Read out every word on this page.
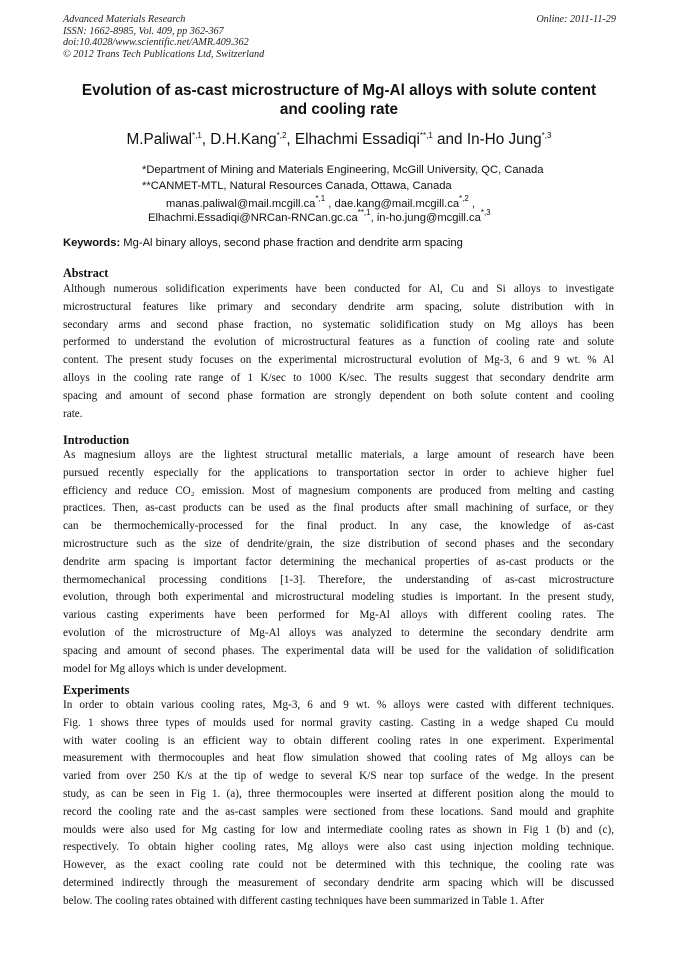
Advanced Materials Research
ISSN: 1662-8985, Vol. 409, pp 362-367
doi:10.4028/www.scientific.net/AMR.409.362
© 2012 Trans Tech Publications Ltd, Switzerland
Online: 2011-11-29
Evolution of as-cast microstructure of Mg-Al alloys with solute content
and cooling rate
M.Paliwal$^{*,1}$, D.H.Kang$^{*,2}$, Elhachmi Essadiqi$^{**,1}$ and In-Ho Jung$^{*,3}$
*Department of Mining and Materials Engineering, McGill University, QC, Canada
**CANMET-MTL, Natural Resources Canada, Ottawa, Canada
$manas.paliwal@mail.mcgill.ca^{*,1}$ , $dae.kang@mail.mcgill.ca^{*,2}$ ,
$Elhachmi.Essadiqi@NRCan-RNCan.gc.ca^{**,1}$, $in-ho.jung@mcgill.ca^{*,3}$
Keywords: Mg-Al binary alloys, second phase fraction and dendrite arm spacing
Abstract
Although numerous solidification experiments have been conducted for Al, Cu and Si alloys to investigate
microstructural features like primary and secondary dendrite arm spacing, solute distribution with in
secondary arms and second phase fraction, no systematic solidification study on Mg alloys has been
performed to understand the evolution of microstructural features as a function of cooling rate and solute
content. The present study focuses on the experimental microstructural evolution of Mg-3, 6 and 9 wt. % Al
alloys in the cooling rate range of 1 K/sec to 1000 K/sec. The results suggest that secondary dendrite arm
spacing and amount of second phase formation are strongly dependent on both solute content and cooling
rate.
Introduction
As magnesium alloys are the lightest structural metallic materials, a large amount of research have been
pursued recently especially for the applications to transportation sector in order to achieve higher fuel
efficiency and reduce CO₂ emission. Most of magnesium components are produced from melting and casting
practices. Then, as-cast products can be used as the final products after small machining of surface, or they
can be thermochemically-processed for the final product. In any case, the knowledge of as-cast
microstructure such as the size of dendrite/grain, the size distribution of second phases and the secondary
dendrite arm spacing is important factor determining the mechanical properties of as-cast products or the
thermomechanical processing conditions [1-3]. Therefore, the understanding of as-cast microstructure
evolution, through both experimental and microstructural modeling studies is important. In the present study,
various casting experiments have been performed for Mg-Al alloys with different cooling rates. The
evolution of the microstructure of Mg-Al alloys was analyzed to determine the secondary dendrite arm
spacing and amount of second phases. The experimental data will be used for the validation of solidification
model for Mg alloys which is under development.
Experiments
In order to obtain various cooling rates, Mg-3, 6 and 9 wt. % alloys were casted with different techniques.
Fig. 1 shows three types of moulds used for normal gravity casting. Casting in a wedge shaped Cu mould
with water cooling is an efficient way to obtain different cooling rates in one experiment. Experimental
measurement with thermocouples and heat flow simulation showed that cooling rates of Mg alloys can be
varied from over 250 K/s at the tip of wedge to several K/S near top surface of the wedge. In the present
study, as can be seen in Fig 1. (a), three thermocouples were inserted at different position along the mould to
record the cooling rate and the as-cast samples were sectioned from these locations. Sand mould and graphite
moulds were also used for Mg casting for low and intermediate cooling rates as shown in Fig 1 (b) and (c),
respectively. To obtain higher cooling rates, Mg alloys were also cast using injection molding technique.
However, as the exact cooling rate could not be determined with this technique, the cooling rate was
determined indirectly through the measurement of secondary dendrite arm spacing which will be discussed
below. The cooling rates obtained with different casting techniques have been summarized in Table 1. After
